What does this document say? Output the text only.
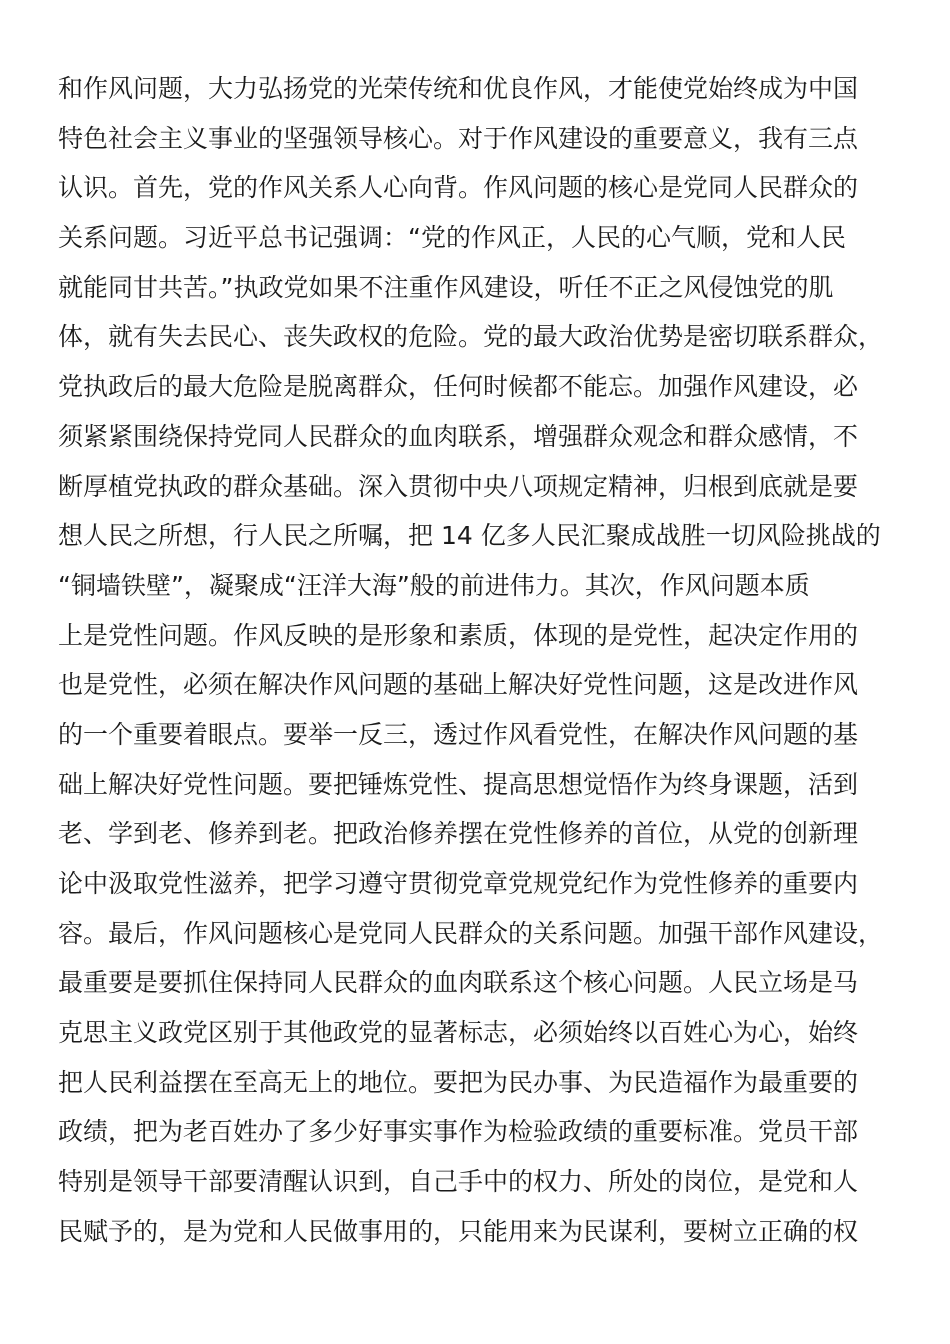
和作风问题，大力弘扬党的光荣传统和优良作风，才能使党始终成为中国
特色社会主义事业的坚强领导核心。对于作风建设的重要意义，我有三点
认识。首先，党的作风关系人心向背。作风问题的核心是党同人民群众的
关系问题。习近平总书记强调：“党的作风正，人民的心气顺，党和人民
就能同甘共苦。”执政党如果不注重作风建设，听任不正之风侵蚀党的肌
体，就有失去民心、丧失政权的危险。党的最大政治优势是密切联系群众，
党执政后的最大危险是脱离群众，任何时候都不能忘。加强作风建设，必
须紧紧围绕保持党同人民群众的血肉联系，增强群众观念和群众感情，不
断厚植党执政的群众基础。深入贯彻中央八项规定精神，归根到底就是要
想人民之所想，行人民之所嘱，把 14 亿多人民汇聚成战胜一切风险挑战的
“铜墙铁壁”，凝聚成“汪洋大海”般的前进伟力。其次，作风问题本质
上是党性问题。作风反映的是形象和素质，体现的是党性，起决定作用的
也是党性，必须在解决作风问题的基础上解决好党性问题，这是改进作风
的一个重要着眼点。要举一反三，透过作风看党性，在解决作风问题的基
础上解决好党性问题。要把锤炼党性、提高思想觉悟作为终身课题，活到
老、学到老、修养到老。把政治修养摆在党性修养的首位，从党的创新理
论中汲取党性滋养，把学习遵守贯彻党章党规党纪作为党性修养的重要内
容。最后，作风问题核心是党同人民群众的关系问题。加强干部作风建设，
最重要是要抓住保持同人民群众的血肉联系这个核心问题。人民立场是马
克思主义政党区别于其他政党的显著标志，必须始终以百姓心为心，始终
把人民利益摆在至高无上的地位。要把为民办事、为民造福作为最重要的
政绩，把为老百姓办了多少好事实事作为检验政绩的重要标准。党员干部
特别是领导干部要清醒认识到，自己手中的权力、所处的岗位，是党和人
民赋予的，是为党和人民做事用的，只能用来为民谋利，要树立正确的权
